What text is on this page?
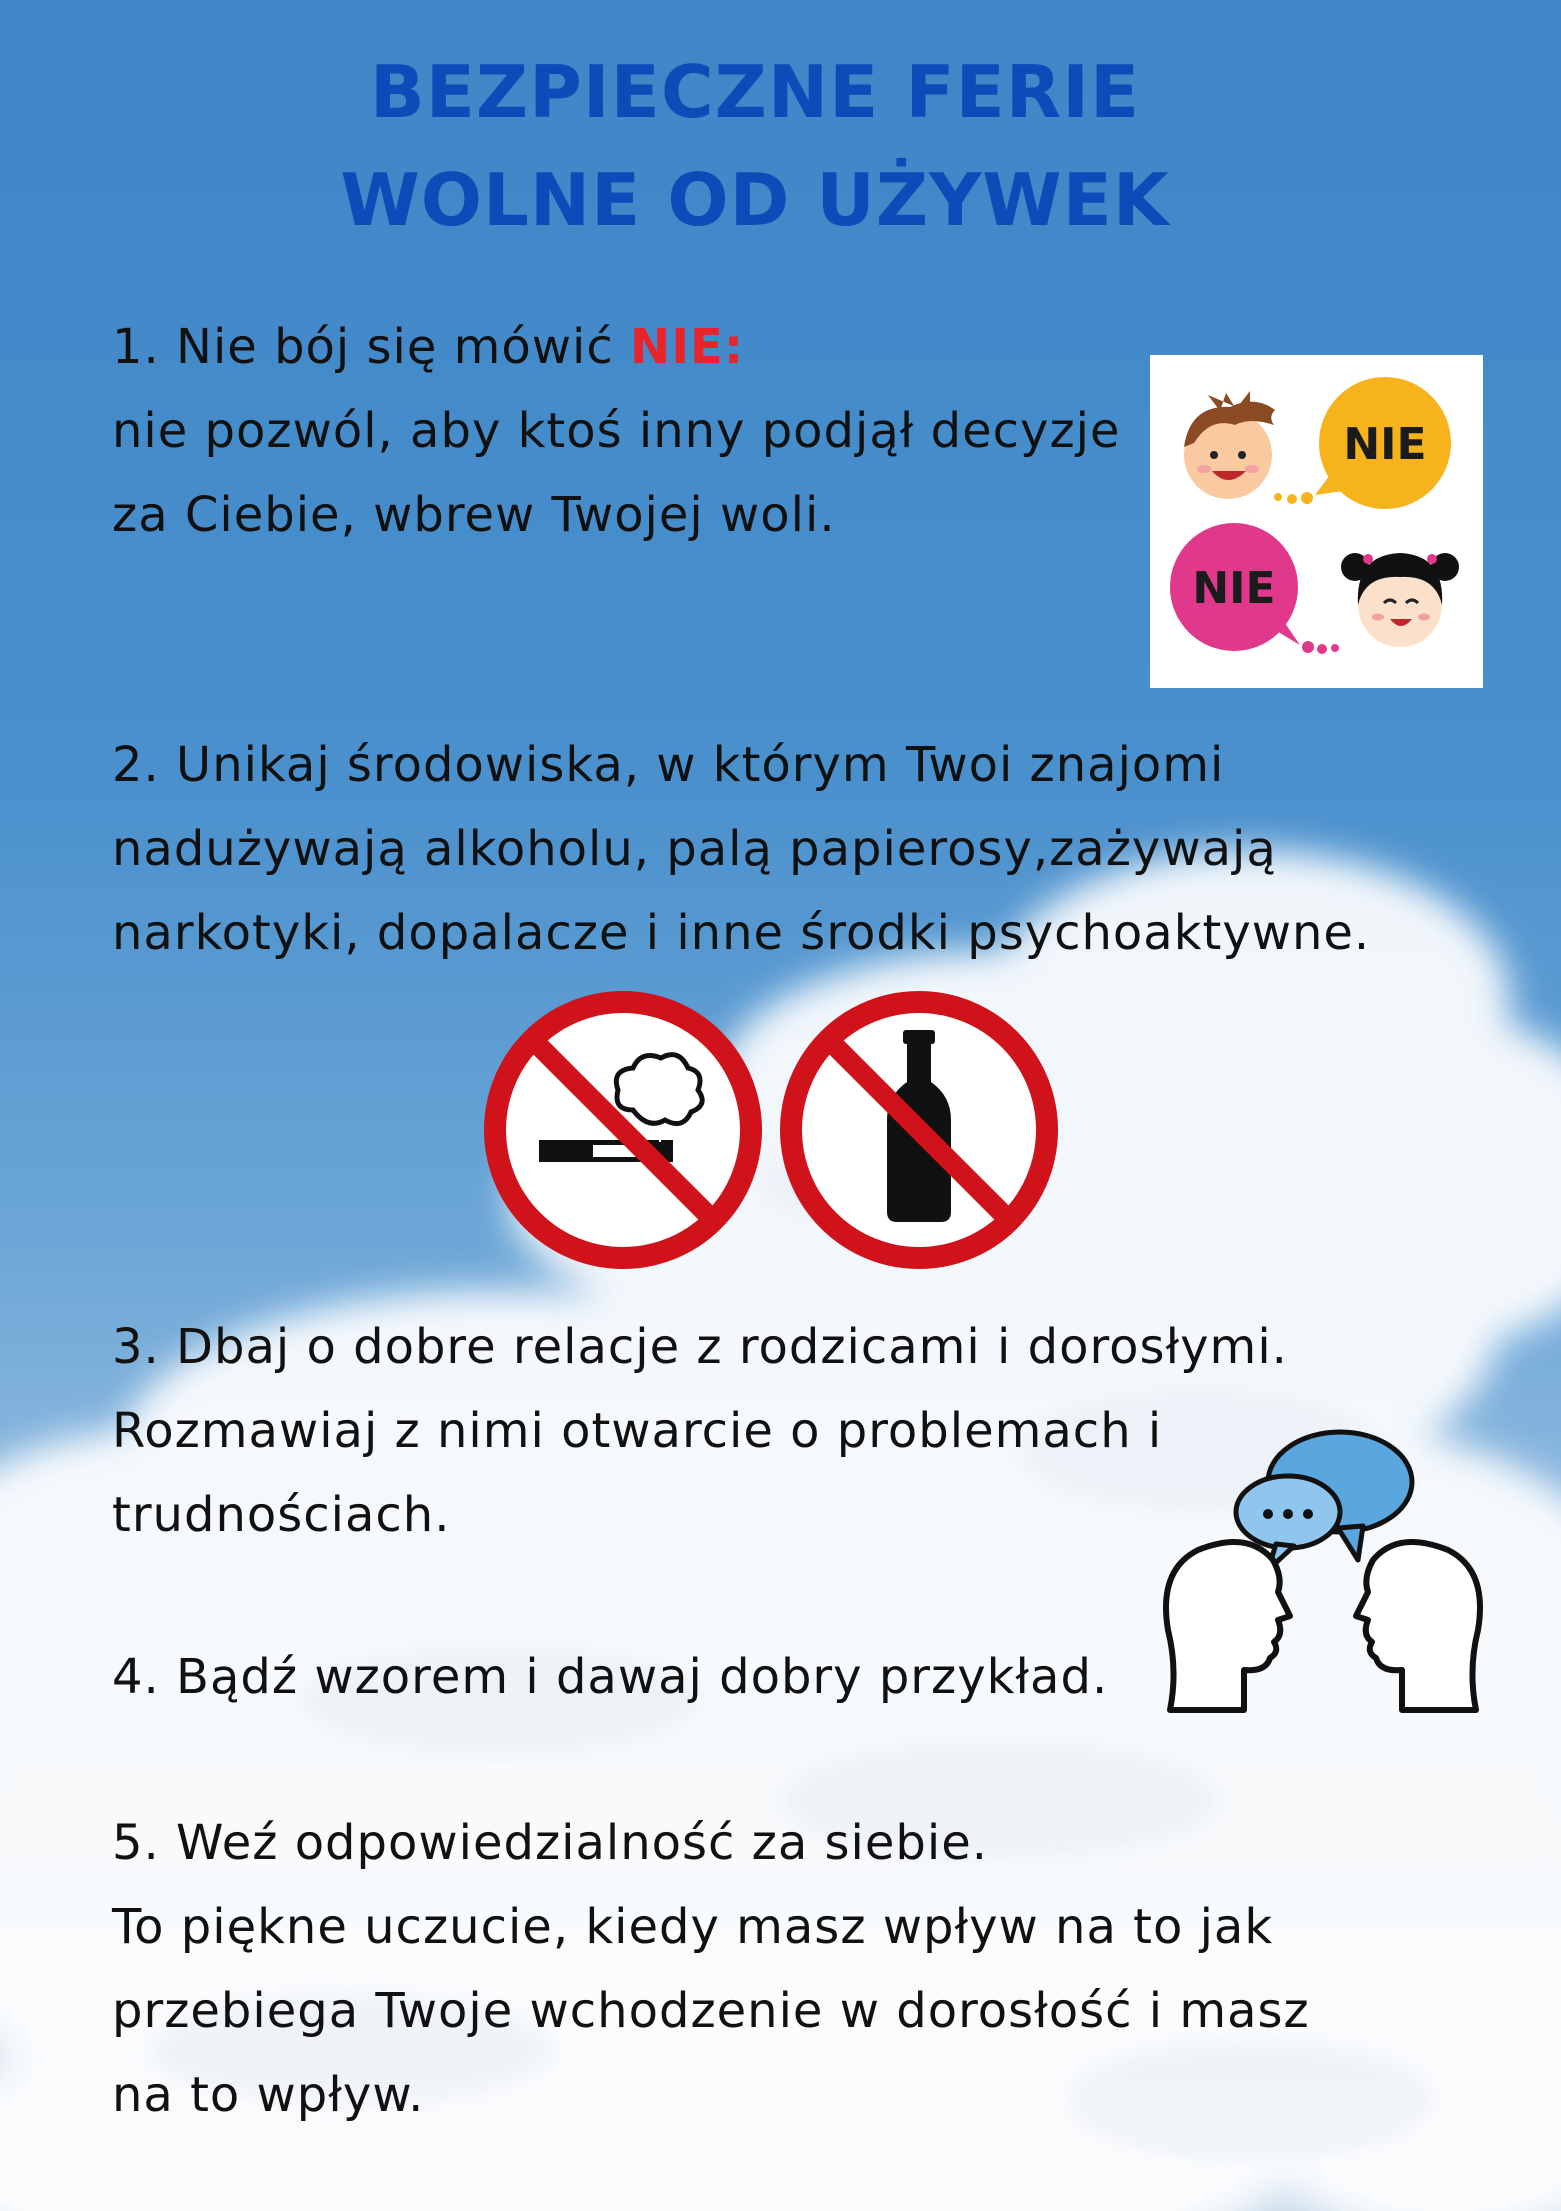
BEZPIECZNE FERIE
WOLNE OD UŻYWEK
1. Nie bój się mówić NIE:
nie pozwól, aby ktoś inny podjął decyzje
za Ciebie, wbrew Twojej woli.
NIE
NIE
2. Unikaj środowiska, w którym Twoi znajomi
nadużywają alkoholu, palą papierosy,zażywają
narkotyki, dopalacze i inne środki psychoaktywne.
3. Dbaj o dobre relacje z rodzicami i dorosłymi.
Rozmawiaj z nimi otwarcie o problemach i
trudnościach.
4. Bądź wzorem i dawaj dobry przykład.
5. Weź odpowiedzialność za siebie.
To piękne uczucie, kiedy masz wpływ na to jak
przebiega Twoje wchodzenie w dorosłość i masz
na to wpływ.
